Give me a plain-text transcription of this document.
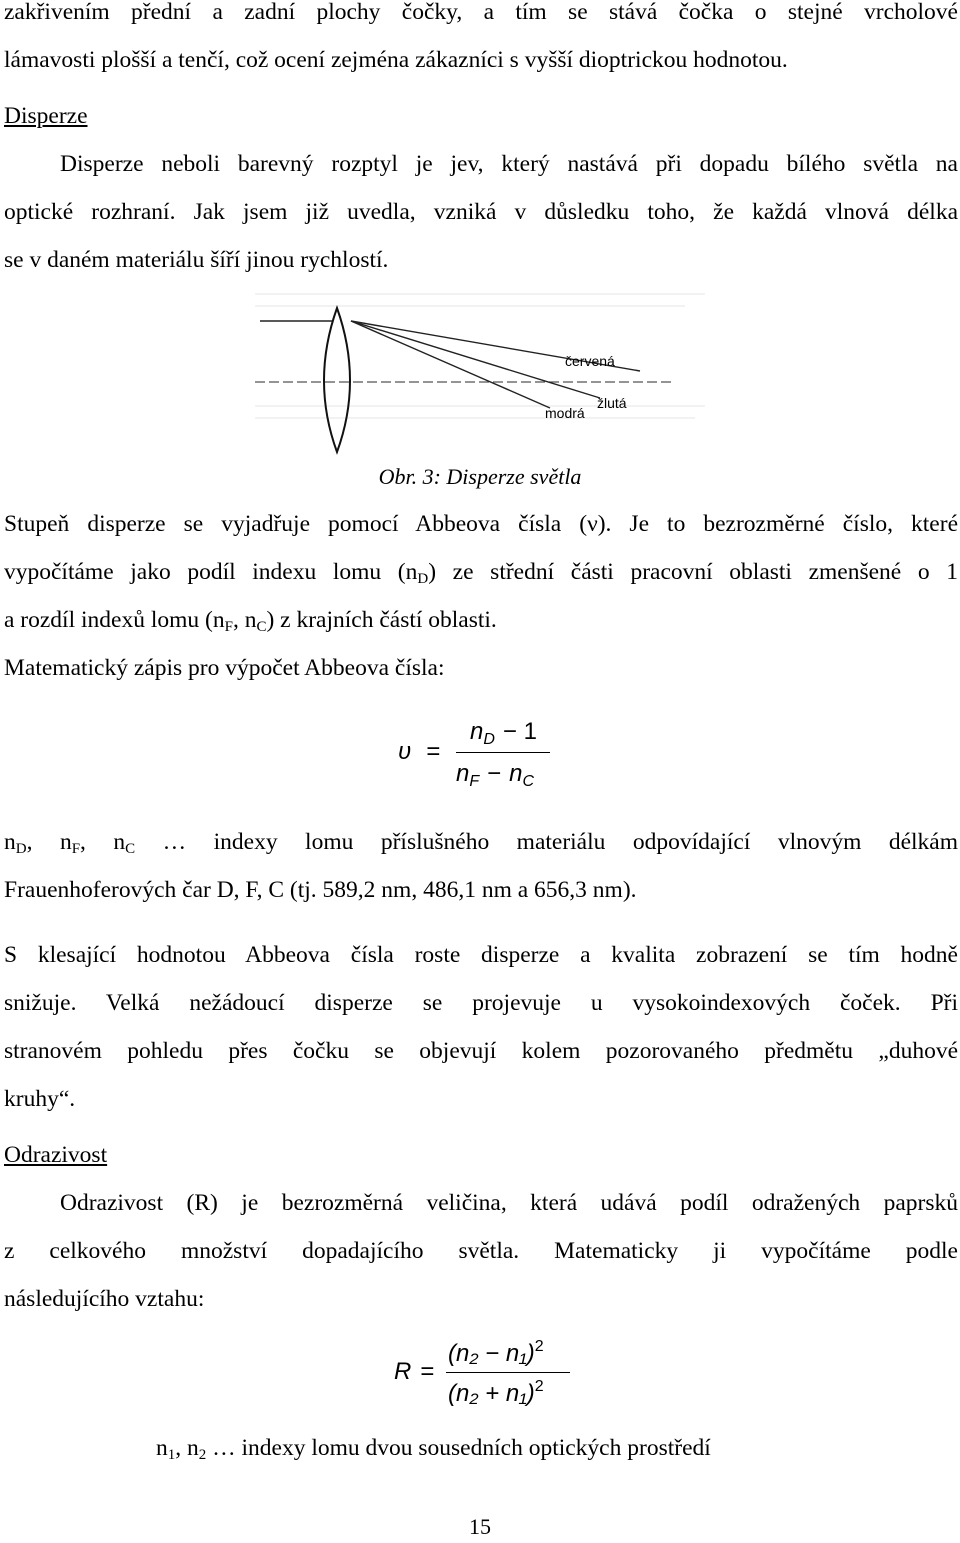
zakřivením přední a zadní plochy čočky, a tím se stává čočka o stejné vrcholové

lámavosti plošší a tenčí, což ocení zejména zákazníci s vyšší dioptrickou hodnotou.

Disperze

Disperze neboli barevný rozptyl je jev, který nastává při dopadu bílého světla na

optické rozhraní. Jak jsem již uvedla, vzniká v důsledku toho, že každá vlnová délka

se v daném materiálu šíří jinou rychlostí.

červená
žlutá
modrá
Obr. 3: Disperze světla

Stupeň disperze se vyjadřuje pomocí Abbeova čísla (ν). Je to bezrozměrné číslo, které

vypočítáme jako podíl indexu lomu $(n_D)$ ze střední části pracovní oblasti zmenšené o 1

a rozdíl indexů lomu ($n_F$, $n_C$) z krajních částí oblasti.

Matematický zápis pro výpočet Abbeova čísla:

υ =
$n_D - 1$
$n_F - n_C$

$n_D$, $n_F$, $n_C$ … indexy lomu příslušného materiálu odpovídající vlnovým délkám

Frauenhoferových čar D, F, C (tj. 589,2 nm, 486,1 nm a 656,3 nm).

S klesající hodnotou Abbeova čísla roste disperze a kvalita zobrazení se tím hodně

snižuje. Velká nežádoucí disperze se projevuje u vysokoindexových čoček. Při

stranovém pohledu přes čočku se objevují kolem pozorovaného předmětu „duhové

kruhy“.

Odrazivost

Odrazivost (R) je bezrozměrná veličina, která udává podíl odražených paprsků

z celkového množství dopadajícího světla. Matematicky ji vypočítáme podle

následujícího vztahu:

R =
$(n_2 - n_1)^2$
$(n_2 + n_1)^2$

$n_1$, $n_2$ … indexy lomu dvou sousedních optických prostředí

15
